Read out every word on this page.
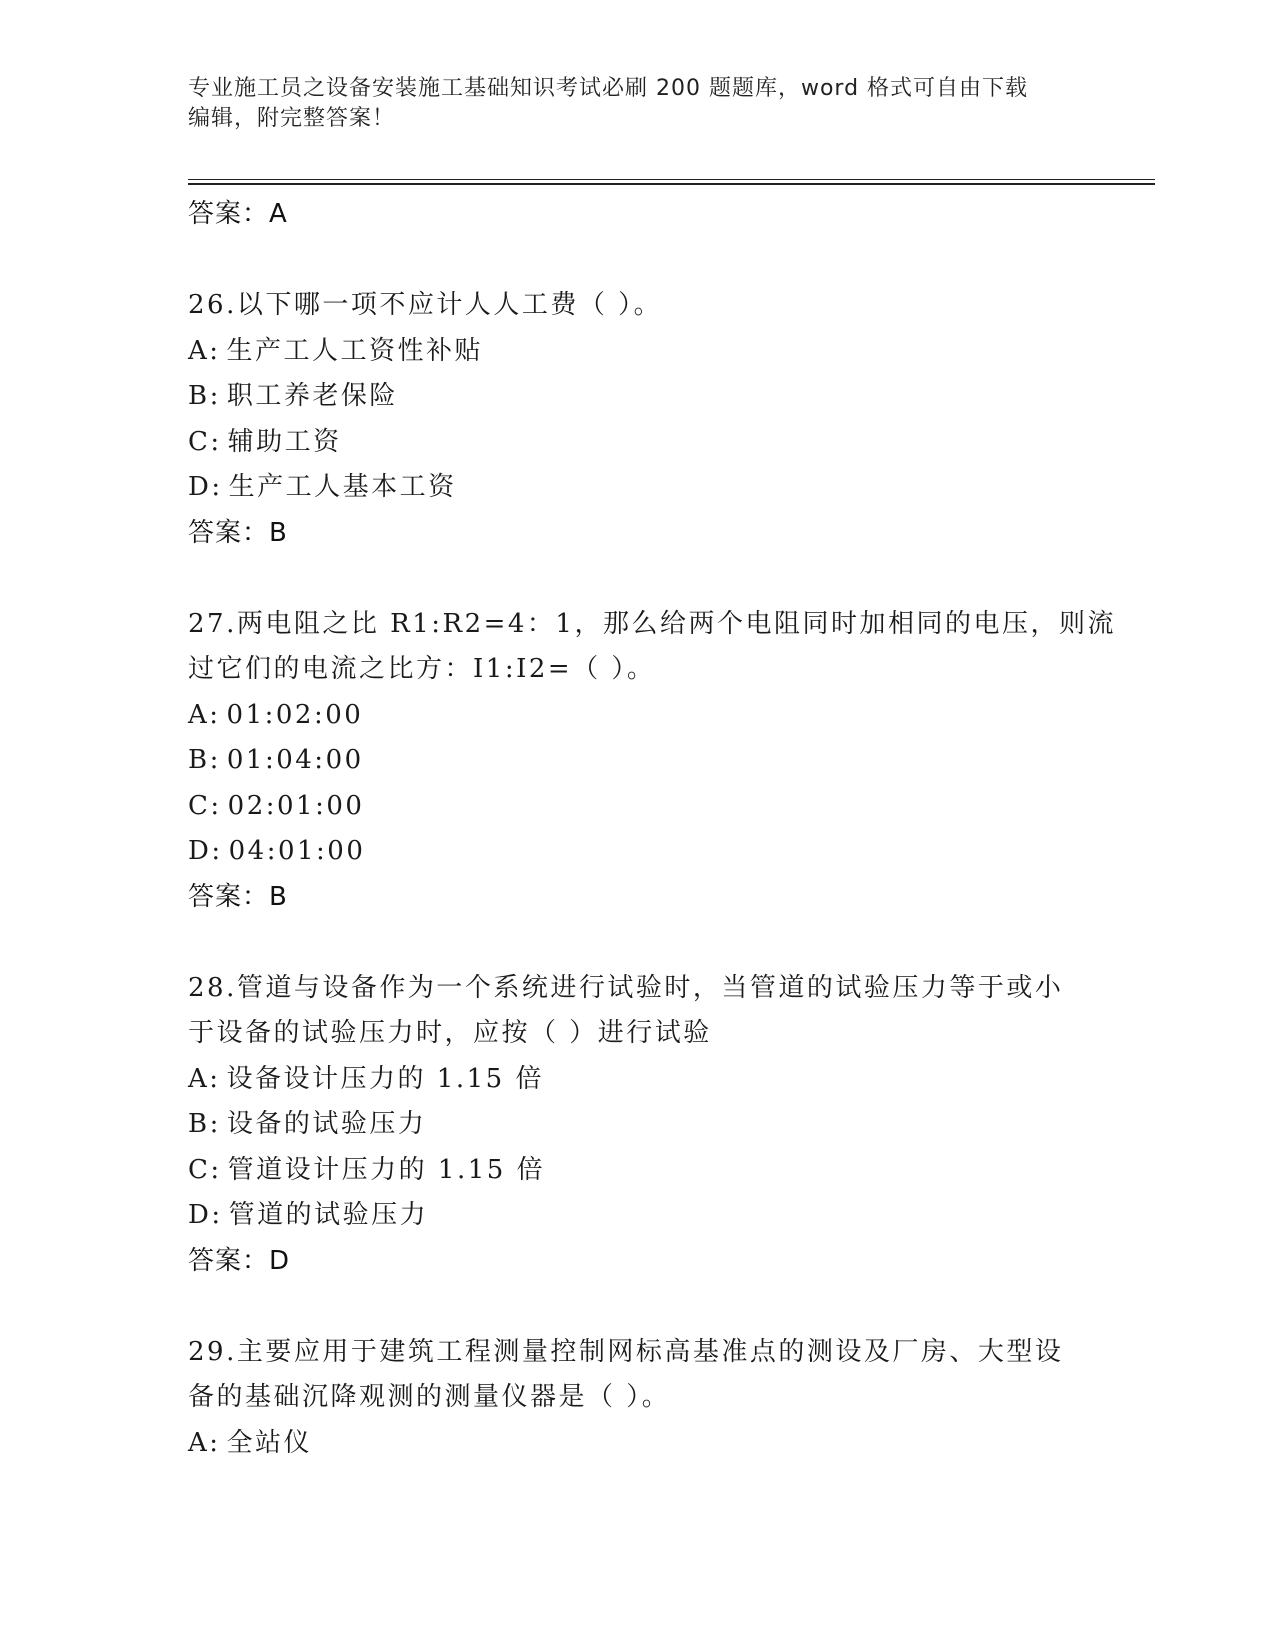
专业施工员之设备安装施工基础知识考试必刷 200 题题库，word 格式可自由下载
编辑，附完整答案！
答案：A
26.以下哪一项不应计人人工费（ ）。
A: 生产工人工资性补贴
B: 职工养老保险
C: 辅助工资
D: 生产工人基本工资
答案：B
27.两电阻之比 R1:R2=4：1，那么给两个电阻同时加相同的电压，则流
过它们的电流之比方：I1:I2=（ ）。
A: 01:02:00
B: 01:04:00
C: 02:01:00
D: 04:01:00
答案：B
28.管道与设备作为一个系统进行试验时，当管道的试验压力等于或小
于设备的试验压力时，应按（ ）进行试验
A: 设备设计压力的 1.15 倍
B: 设备的试验压力
C: 管道设计压力的 1.15 倍
D: 管道的试验压力
答案：D
29.主要应用于建筑工程测量控制网标高基准点的测设及厂房、大型设
备的基础沉降观测的测量仪器是（ ）。
A: 全站仪
